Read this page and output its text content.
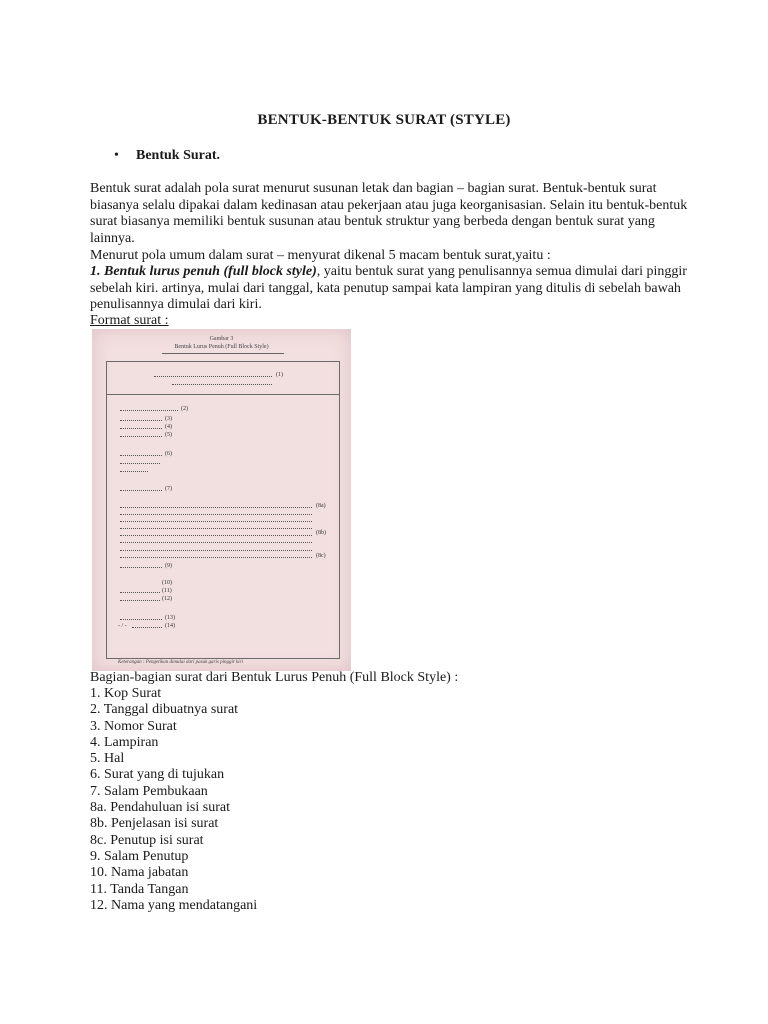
BENTUK-BENTUK SURAT (STYLE)
• Bentuk Surat.
Bentuk surat adalah pola surat menurut susunan letak dan bagian – bagian surat. Bentuk-bentuk surat biasanya selalu dipakai dalam kedinasan atau pekerjaan atau juga keorganisasian. Selain itu bentuk-bentuk surat biasanya memiliki bentuk susunan atau bentuk struktur yang berbeda dengan bentuk surat yang lainnya.
Menurut pola umum dalam surat – menyurat dikenal 5 macam bentuk surat,yaitu :
1. Bentuk lurus penuh (full block style), yaitu bentuk surat yang penulisannya semua dimulai dari pinggir sebelah kiri. artinya, mulai dari tanggal, kata penutup sampai kata lampiran yang ditulis di sebelah bawah penulisannya dimulai dari kiri.
Format surat :
Gambar 3
Bentuk Lurus Penuh (Full Block Style)
(1)
(2)
(3)
(4)
(5)
(6)
(7)
(8a)
(8b)
(8c)
(9)
(10)
(11)
(12)
(13)
- / -	(14)
Keterangan : Pengetikan dimulai dari pasak garis pinggir kiri
Bagian-bagian surat dari Bentuk Lurus Penuh (Full Block Style) :
1. Kop Surat
2. Tanggal dibuatnya surat
3. Nomor Surat
4. Lampiran
5. Hal
6. Surat yang di tujukan
7. Salam Pembukaan
8a. Pendahuluan isi surat
8b. Penjelasan isi surat
8c. Penutup isi surat
9. Salam Penutup
10. Nama jabatan
11. Tanda Tangan
12. Nama yang mendatangani
